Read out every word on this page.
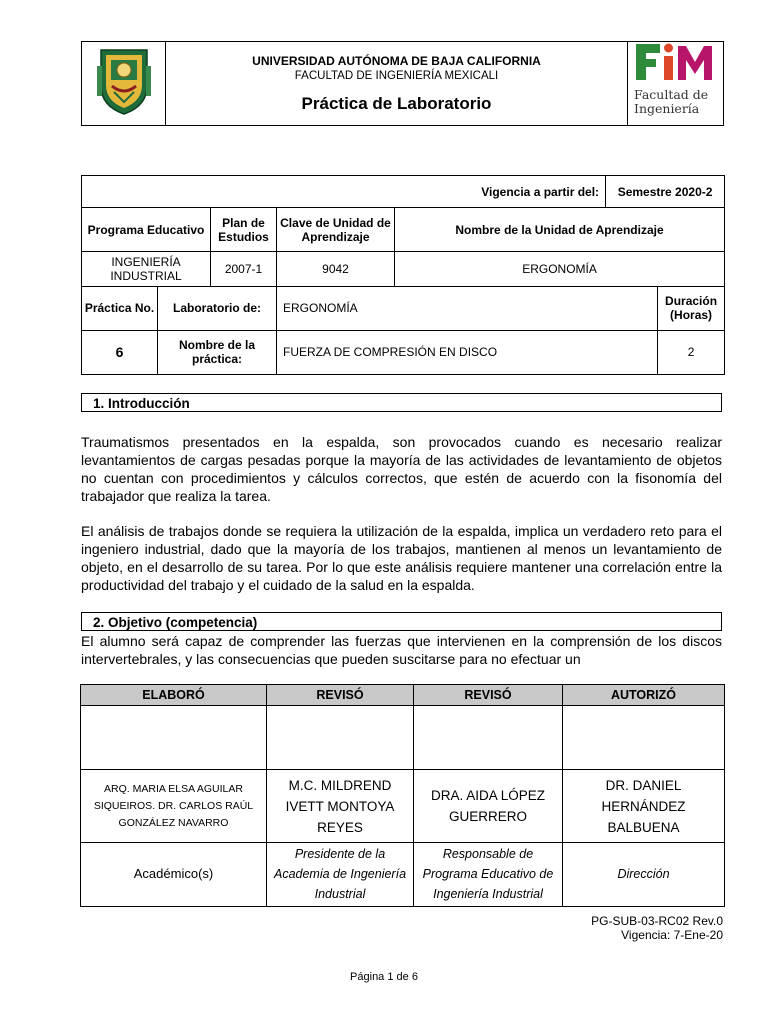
UNIVERSIDAD AUTÓNOMA DE BAJA CALIFORNIA
FACULTAD DE INGENIERÍA MEXICALI
Práctica de Laboratorio	Facultad de
Ingeniería
Vigencia a partir del:					Semestre 2020-2	
Programa Educativo		Plan de Estudios	Clave de Unidad de Aprendizaje	Nombre de la Unidad de Aprendizaje		
INGENIERÍA INDUSTRIAL		2007-1	9042	ERGONOMÍA		
Práctica No.	Laboratorio de:		ERGONOMÍA			Duración (Horas)
6	Nombre de la práctica:		FUERZA DE COMPRESIÓN EN DISCO			2
1. Introducción
Traumatismos presentados en la espalda, son provocados cuando es necesario realizar levantamientos de cargas pesadas porque la mayoría de las actividades de levantamiento de objetos no cuentan con procedimientos y cálculos correctos, que estén de acuerdo con la fisonomía del trabajador que realiza la tarea.
El análisis de trabajos donde se requiera la utilización de la espalda, implica un verdadero reto para el ingeniero industrial, dado que la mayoría de los trabajos, mantienen al menos un levantamiento de objeto, en el desarrollo de su tarea. Por lo que este análisis requiere mantener una correlación entre la productividad del trabajo y el cuidado de la salud en la espalda.
2. Objetivo (competencia)
El alumno será capaz de comprender las fuerzas que intervienen en la comprensión de los discos intervertebrales, y las consecuencias que pueden suscitarse para no efectuar un
ELABORÓ	REVISÓ	REVISÓ	AUTORIZÓ

ARQ. MARIA ELSA AGUILAR SIQUEIROS. DR. CARLOS RAÚL GONZÁLEZ NAVARRO	M.C. MILDREND IVETT MONTOYA REYES	DRA. AIDA LÓPEZ GUERRERO	DR. DANIEL HERNÁNDEZ BALBUENA
Académico(s)	Presidente de la Academia de Ingeniería Industrial	Responsable de Programa Educativo de Ingeniería Industrial	Dirección
PG-SUB-03-RC02 Rev.0
Vigencia: 7-Ene-20
Página 1 de 6
